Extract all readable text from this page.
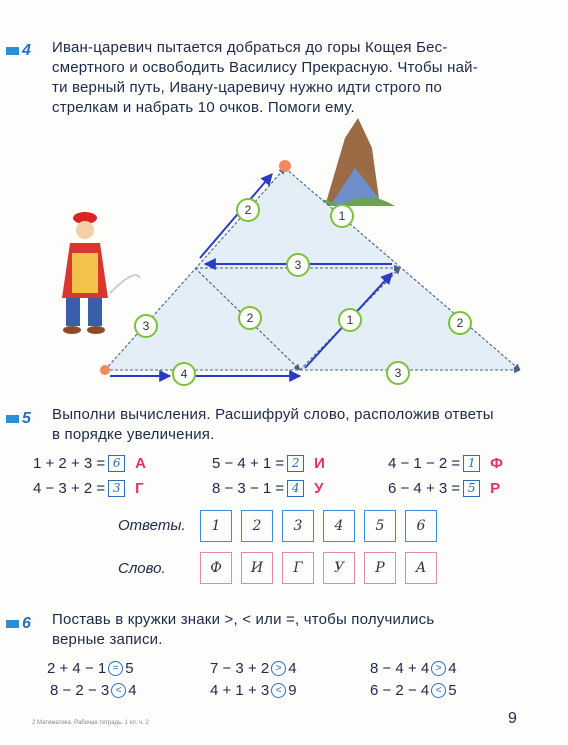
4 Иван-царевич пытается добраться до горы Кощея Бес-
смертного и освободить Василису Прекрасную. Чтобы най-
ти верный путь, Ивану-царевичу нужно идти строго по
стрелкам и набрать 10 очков. Помоги ему.
2	1
3
3
2	1	2
4	3
5 Выполни вычисления. Расшифруй слово, расположив ответы
в порядке увеличения.
1 + 2 + 3 = 6 А	5 − 4 + 1 = 2 И	4 − 1 − 2 = 1 Ф
4 − 3 + 2 = 3 Г	8 − 3 − 1 = 4 У	6 − 4 + 3 = 5 Р
Ответы.	1	2	3	4	5	6
Слово.	Ф	И	Г	У	Р	А
6 Поставь в кружки знаки >, < или =, чтобы получились
верные записи.
2 + 4 − 1 = 5	7 − 3 + 2 > 4	8 − 4 + 4 > 4
8 − 2 − 3 < 4	4 + 1 + 3 < 9	6 − 2 − 4 < 5
2 Математика. Рабочая тетрадь. 1 кл. ч. 2	9
